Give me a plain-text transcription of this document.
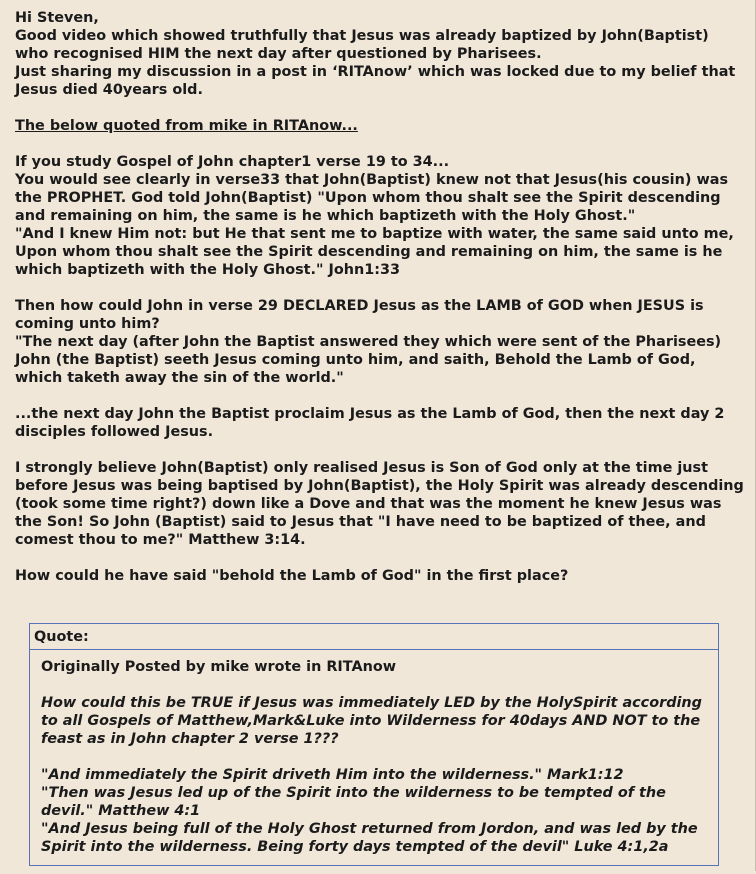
Hi Steven,
Good video which showed truthfully that Jesus was already baptized by John(Baptist) who recognised HIM the next day after questioned by Pharisees.
Just sharing my discussion in a post in ‘RITAnow’ which was locked due to my belief that Jesus died 40years old.

The below quoted from mike in RITAnow...

If you study Gospel of John chapter1 verse 19 to 34...
You would see clearly in verse33 that John(Baptist) knew not that Jesus(his cousin) was the PROPHET. God told John(Baptist) "Upon whom thou shalt see the Spirit descending and remaining on him, the same is he which baptizeth with the Holy Ghost."
"And I knew Him not: but He that sent me to baptize with water, the same said unto me, Upon whom thou shalt see the Spirit descending and remaining on him, the same is he which baptizeth with the Holy Ghost." John1:33

Then how could John in verse 29 DECLARED Jesus as the LAMB of GOD when JESUS is coming unto him?
"The next day (after John the Baptist answered they which were sent of the Pharisees) John (the Baptist) seeth Jesus coming unto him, and saith, Behold the Lamb of God, which taketh away the sin of the world."

...the next day John the Baptist proclaim Jesus as the Lamb of God, then the next day 2 disciples followed Jesus.

I strongly believe John(Baptist) only realised Jesus is Son of God only at the time just before Jesus was being baptised by John(Baptist), the Holy Spirit was already descending (took some time right?) down like a Dove and that was the moment he knew Jesus was the Son! So John (Baptist) said to Jesus that "I have need to be baptized of thee, and comest thou to me?" Matthew 3:14.

How could he have said "behold the Lamb of God" in the first place?

Quote:
Originally Posted by mike wrote in RITAnow

How could this be TRUE if Jesus was immediately LED by the HolySpirit according to all Gospels of Matthew,Mark&Luke into Wilderness for 40days AND NOT to the feast as in John chapter 2 verse 1???

"And immediately the Spirit driveth Him into the wilderness." Mark1:12
"Then was Jesus led up of the Spirit into the wilderness to be tempted of the devil." Matthew 4:1
"And Jesus being full of the Holy Ghost returned from Jordon, and was led by the Spirit into the wilderness. Being forty days tempted of the devil" Luke 4:1,2a
